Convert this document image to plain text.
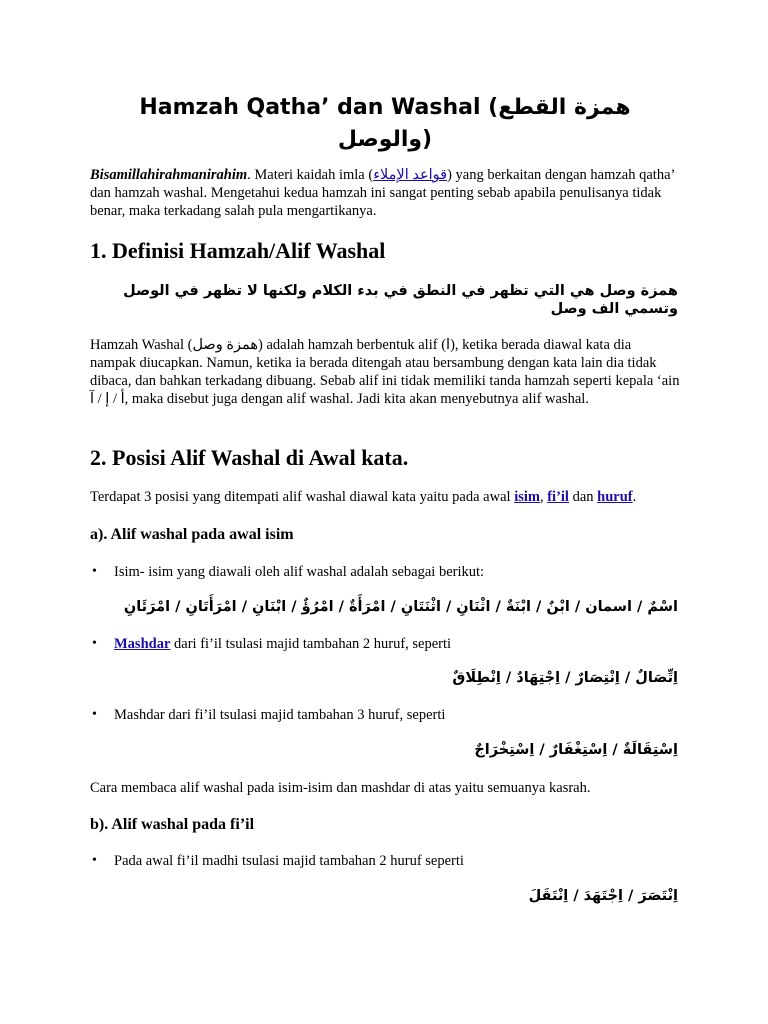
Hamzah Qatha’ dan Washal (همزة القطع والوصل)

Bisamillahirahmanirahim. Materi kaidah imla (قواعد الإملاء) yang berkaitan dengan hamzah qatha’ dan hamzah washal. Mengetahui kedua hamzah ini sangat penting sebab apabila penulisanya tidak benar, maka terkadang salah pula mengartikanya.

1. Definisi Hamzah/Alif Washal

همزة وصل هي التي تظهر في النطق في بدء الكلام ولكنها لا تظهر في الوصل وتسمي الف وصل

Hamzah Washal (همزة وصل) adalah hamzah berbentuk alif (ا), ketika berada diawal kata dia nampak diucapkan. Namun, ketika ia berada ditengah atau bersambung dengan kata lain dia tidak dibaca, dan bahkan terkadang dibuang. Sebab alif ini tidak memiliki tanda hamzah seperti kepala ‘ain أ / إ / آ, maka disebut juga dengan alif washal. Jadi kita akan menyebutnya alif washal.

2. Posisi Alif Washal di Awal kata.

Terdapat 3 posisi yang ditempati alif washal diawal kata yaitu pada awal isim, fi’il dan huruf.

a). Alif washal pada awal isim

• Isim- isim yang diawali oleh alif washal adalah sebagai berikut:

اسْمٌ / اسمان / ابْنٌ / ابْنَةٌ / اثْنَانِ / اثْنَتَانِ / امْرَأَةٌ / امْرُؤٌ / ابْنَانِ / امْرَأَتَانِ / امْرَئَانِ

• Mashdar dari fi’il tsulasi majid tambahan 2 huruf, seperti

اِتِّصَالٌ / اِنْتِصَارٌ / اِجْتِهَادٌ / اِنْطِلَاقٌ

• Mashdar dari fi’il tsulasi majid tambahan 3 huruf, seperti

اِسْتِقَالَةٌ / اِسْتِغْفَارٌ / اِسْتِخْرَاجٌ

Cara membaca alif washal pada isim-isim dan mashdar di atas yaitu semuanya kasrah.

b). Alif washal pada fi’il

• Pada awal fi’il madhi tsulasi majid tambahan 2 huruf seperti

اِنْتَصَرَ / اِجْتَهَدَ / اِنْتَقَلَ
